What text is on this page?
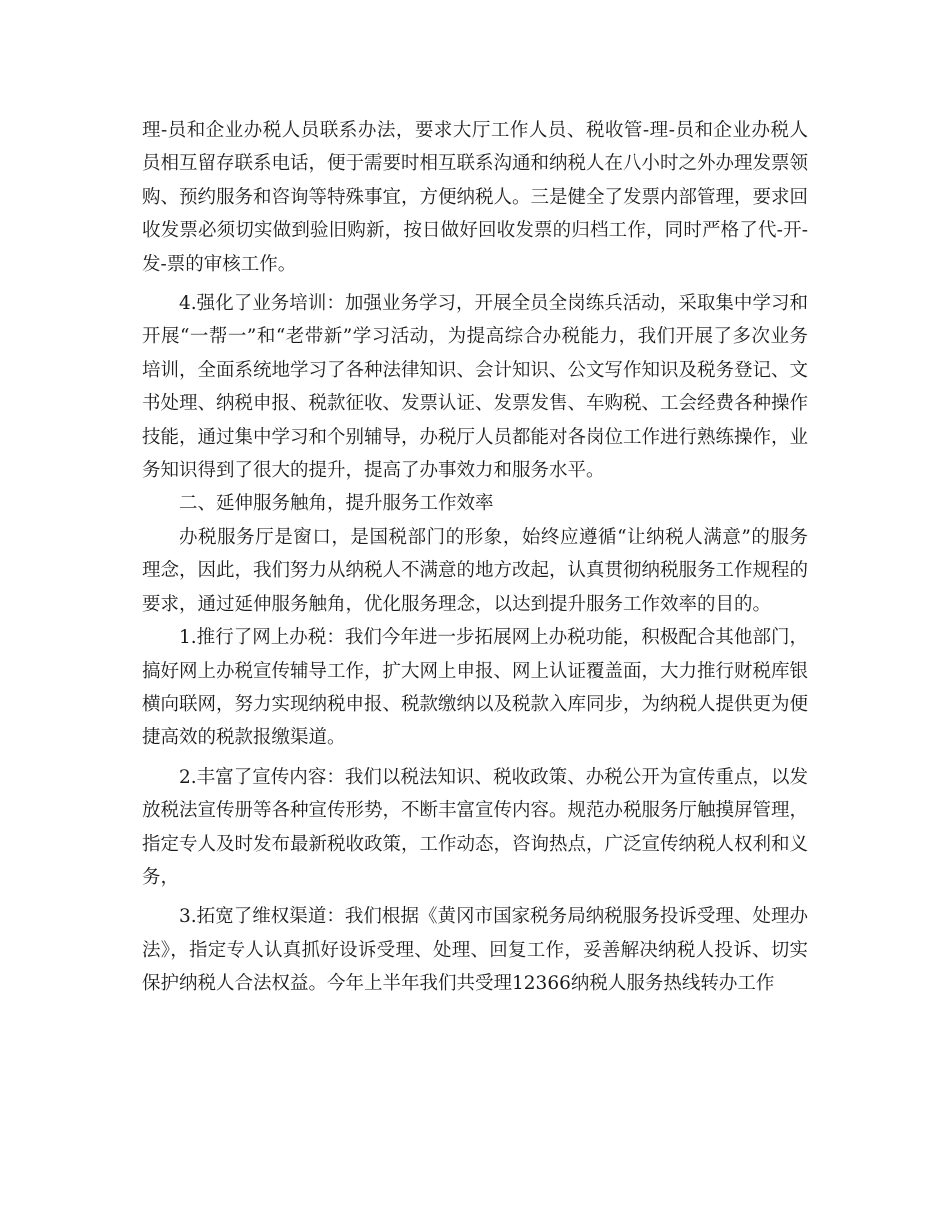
理-员和企业办税人员联系办法，要求大厅工作人员、税收管-理-员和企业办税人员相互留存联系电话，便于需要时相互联系沟通和纳税人在八小时之外办理发票领购、预约服务和咨询等特殊事宜，方便纳税人。三是健全了发票内部管理，要求回收发票必须切实做到验旧购新，按日做好回收发票的归档工作，同时严格了代-开-发-票的审核工作。

4.强化了业务培训：加强业务学习，开展全员全岗练兵活动，采取集中学习和开展“一帮一”和“老带新”学习活动，为提高综合办税能力，我们开展了多次业务培训，全面系统地学习了各种法律知识、会计知识、公文写作知识及税务登记、文书处理、纳税申报、税款征收、发票认证、发票发售、车购税、工会经费各种操作技能，通过集中学习和个别辅导，办税厅人员都能对各岗位工作进行熟练操作，业务知识得到了很大的提升，提高了办事效力和服务水平。

二、延伸服务触角，提升服务工作效率

办税服务厅是窗口，是国税部门的形象，始终应遵循“让纳税人满意”的服务理念，因此，我们努力从纳税人不满意的地方改起，认真贯彻纳税服务工作规程的要求，通过延伸服务触角，优化服务理念，以达到提升服务工作效率的目的。

1.推行了网上办税：我们今年进一步拓展网上办税功能，积极配合其他部门，搞好网上办税宣传辅导工作，扩大网上申报、网上认证覆盖面，大力推行财税库银横向联网，努力实现纳税申报、税款缴纳以及税款入库同步，为纳税人提供更为便捷高效的税款报缴渠道。

2.丰富了宣传内容：我们以税法知识、税收政策、办税公开为宣传重点，以发放税法宣传册等各种宣传形势，不断丰富宣传内容。规范办税服务厅触摸屏管理，指定专人及时发布最新税收政策，工作动态，咨询热点，广泛宣传纳税人权利和义务，

3.拓宽了维权渠道：我们根据《黄冈市国家税务局纳税服务投诉受理、处理办法》，指定专人认真抓好设诉受理、处理、回复工作，妥善解决纳税人投诉、切实保护纳税人合法权益。今年上半年我们共受理12366纳税人服务热线转办工作
